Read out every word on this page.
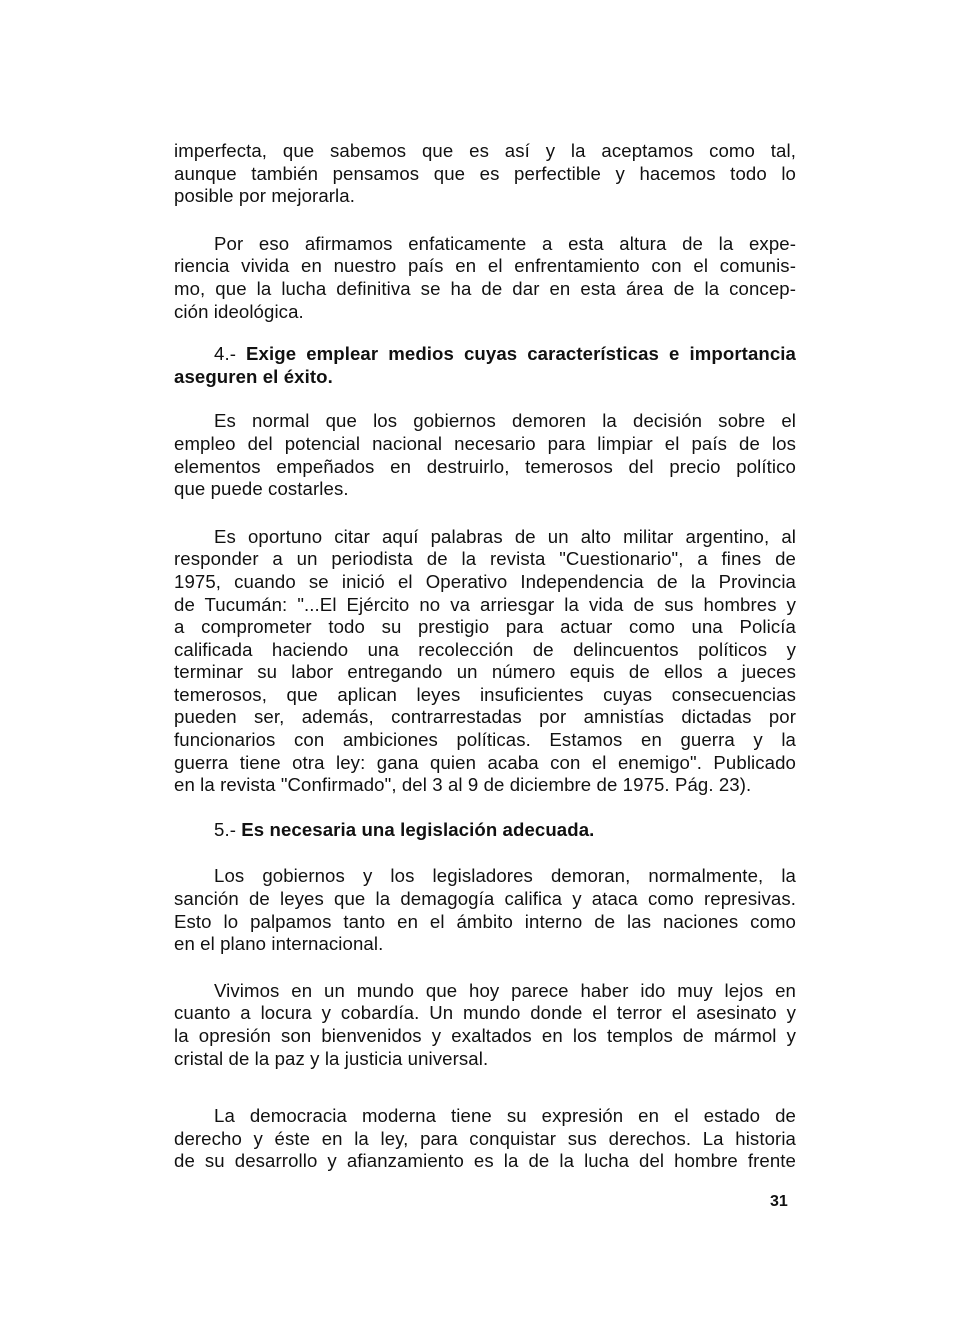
imperfecta, que sabemos que es así y la aceptamos como tal,
aunque también pensamos que es perfectible y hacemos todo lo
posible por mejorarla.

Por eso afirmamos enfaticamente a esta altura de la expe-
riencia vivida en nuestro país en el enfrentamiento con el comunis-
mo, que la lucha definitiva se ha de dar en esta área de la concep-
ción ideológica.

4.- Exige emplear medios cuyas características e importancia
aseguren el éxito.

Es normal que los gobiernos demoren la decisión sobre el
empleo del potencial nacional necesario para limpiar el país de los
elementos empeñados en destruirlo, temerosos del precio político
que puede costarles.

Es oportuno citar aquí palabras de un alto militar argentino, al
responder a un periodista de la revista "Cuestionario", a fines de
1975, cuando se inició el Operativo Independencia de la Provincia
de Tucumán: "...El Ejército no va arriesgar la vida de sus hombres y
a comprometer todo su prestigio para actuar como una Policía
calificada haciendo una recolección de delincuentos políticos y
terminar su labor entregando un número equis de ellos a jueces
temerosos, que aplican leyes insuficientes cuyas consecuencias
pueden ser, además, contrarrestadas por amnistías dictadas por
funcionarios con ambiciones políticas. Estamos en guerra y la
guerra tiene otra ley: gana quien acaba con el enemigo". Publicado
en la revista "Confirmado", del 3 al 9 de diciembre de 1975. Pág. 23).

5.- Es necesaria una legislación adecuada.

Los gobiernos y los legisladores demoran, normalmente, la
sanción de leyes que la demagogía califica y ataca como represivas.
Esto lo palpamos tanto en el ámbito interno de las naciones como
en el plano internacional.

Vivimos en un mundo que hoy parece haber ido muy lejos en
cuanto a locura y cobardía. Un mundo donde el terror el asesinato y
la opresión son bienvenidos y exaltados en los templos de mármol y
cristal de la paz y la justicia universal.

La democracia moderna tiene su expresión en el estado de
derecho y éste en la ley, para conquistar sus derechos. La historia
de su desarrollo y afianzamiento es la de la lucha del hombre frente

31
